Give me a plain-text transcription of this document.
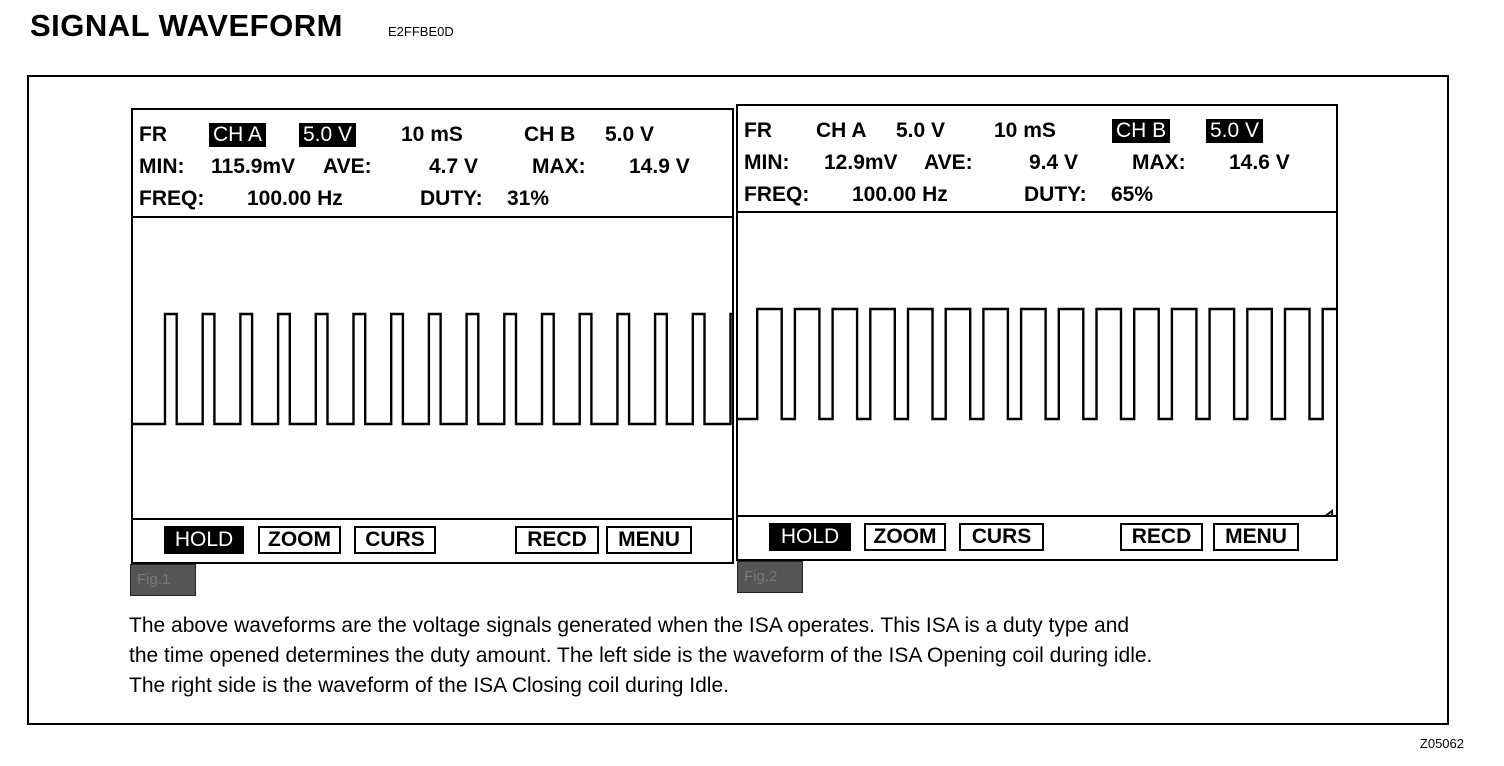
SIGNAL WAVEFORM	E2FFBE0D
FR CH A 5.0 V 10 mS	CH B 5.0 V
MIN: 115.9mV AVE:	4.7 V	MAX: 14.9 V
FREQ: 100.00 Hz	DUTY: 31%
HOLD	ZOOM	CURS	RECD	MENU
Fig.1
FR CH A 5.0 V 10 mS	CH B 5.0 V
MIN: 12.9mV AVE:	9.4 V	MAX: 14.6 V
FREQ: 100.00 Hz	DUTY: 65%
HOLD	ZOOM	CURS	RECD	MENU
Fig.2

The above waveforms are the voltage signals generated when the ISA operates. This ISA is a duty type and

the time opened determines the duty amount. The left side is the waveform of the ISA Opening coil during idle.

The right side is the waveform of the ISA Closing coil during Idle.

Z05062
